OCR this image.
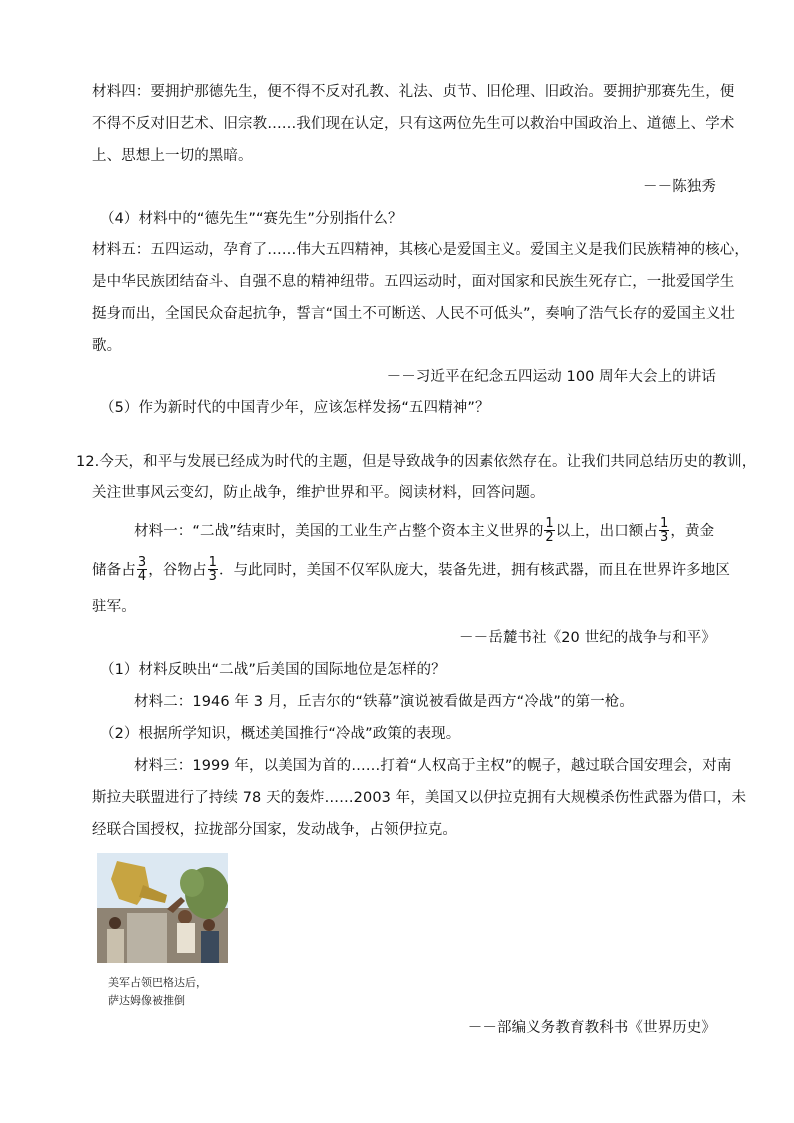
材料四：要拥护那德先生，便不得不反对孔教、礼法、贞节、旧伦理、旧政治。要拥护那赛先生，便
不得不反对旧艺术、旧宗教……我们现在认定，只有这两位先生可以救治中国政治上、道德上、学术
上、思想上一切的黑暗。
－－陈独秀
（4）材料中的“德先生”“赛先生”分别指什么？
材料五：五四运动，孕育了……伟大五四精神，其核心是爱国主义。爱国主义是我们民族精神的核心，
是中华民族团结奋斗、自强不息的精神纽带。五四运动时，面对国家和民族生死存亡，一批爱国学生
挺身而出，全国民众奋起抗争，誓言“国土不可断送、人民不可低头”，奏响了浩气长存的爱国主义壮
歌。
－－习近平在纪念五四运动 100 周年大会上的讲话
（5）作为新时代的中国青少年，应该怎样发扬“五四精神”？
12.今天，和平与发展已经成为时代的主题，但是导致战争的因素依然存在。让我们共同总结历史的教训，
关注世事风云变幻，防止战争，维护世界和平。阅读材料，回答问题。
材料一：“二战”结束时，美国的工业生产占整个资本主义世界的 $\frac{1}{2}$ 以上，出口额占 $\frac{1}{3}$ ，黄金
储备占 $\frac{3}{4}$ ，谷物占 $\frac{1}{3}$ ．与此同时，美国不仅军队庞大，装备先进，拥有核武器，而且在世界许多地区
驻军。
－－岳麓书社《20 世纪的战争与和平》
（1）材料反映出“二战”后美国的国际地位是怎样的？
材料二：1946 年 3 月，丘吉尔的“铁幕”演说被看做是西方“冷战”的第一枪。
（2）根据所学知识，概述美国推行“冷战”政策的表现。
材料三：1999 年，以美国为首的……打着“人权高于主权”的幌子，越过联合国安理会，对南
斯拉夫联盟进行了持续 78 天的轰炸……2003 年，美国又以伊拉克拥有大规模杀伤性武器为借口，未
经联合国授权，拉拢部分国家，发动战争，占领伊拉克。
美军占领巴格达后，
萨达姆像被推倒
－－部编义务教育教科书《世界历史》
